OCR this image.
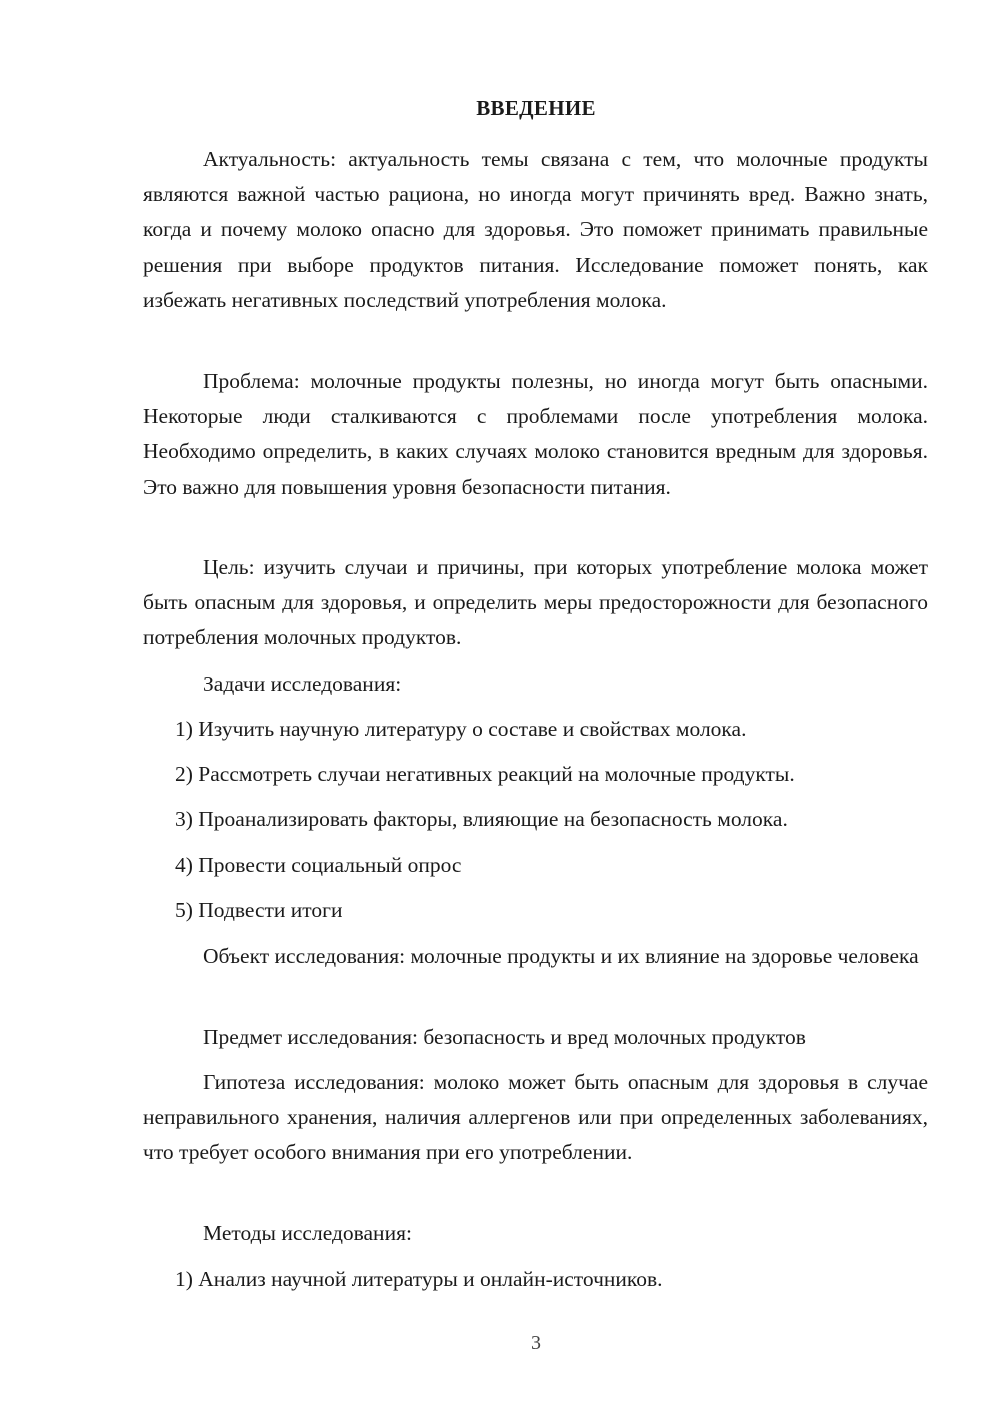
ВВЕДЕНИЕ
Актуальность: актуальность темы связана с тем, что молочные продукты являются важной частью рациона, но иногда могут причинять вред. Важно знать, когда и почему молоко опасно для здоровья. Это поможет принимать правильные решения при выборе продуктов питания. Исследование поможет понять, как избежать негативных последствий употребления молока.
Проблема: молочные продукты полезны, но иногда могут быть опасными. Некоторые люди сталкиваются с проблемами после употребления молока. Необходимо определить, в каких случаях молоко становится вредным для здоровья. Это важно для повышения уровня безопасности питания.
Цель: изучить случаи и причины, при которых употребление молока может быть опасным для здоровья, и определить меры предосторожности для безопасного потребления молочных продуктов.
Задачи исследования:
1) Изучить научную литературу о составе и свойствах молока.
2) Рассмотреть случаи негативных реакций на молочные продукты.
3) Проанализировать факторы, влияющие на безопасность молока.
4) Провести социальный опрос
5) Подвести итоги
Объект исследования: молочные продукты и их влияние на здоровье человека
Предмет исследования: безопасность и вред молочных продуктов
Гипотеза исследования: молоко может быть опасным для здоровья в случае неправильного хранения, наличия аллергенов или при определенных заболеваниях, что требует особого внимания при его употреблении.
Методы исследования:
1) Анализ научной литературы и онлайн-источников.
3
